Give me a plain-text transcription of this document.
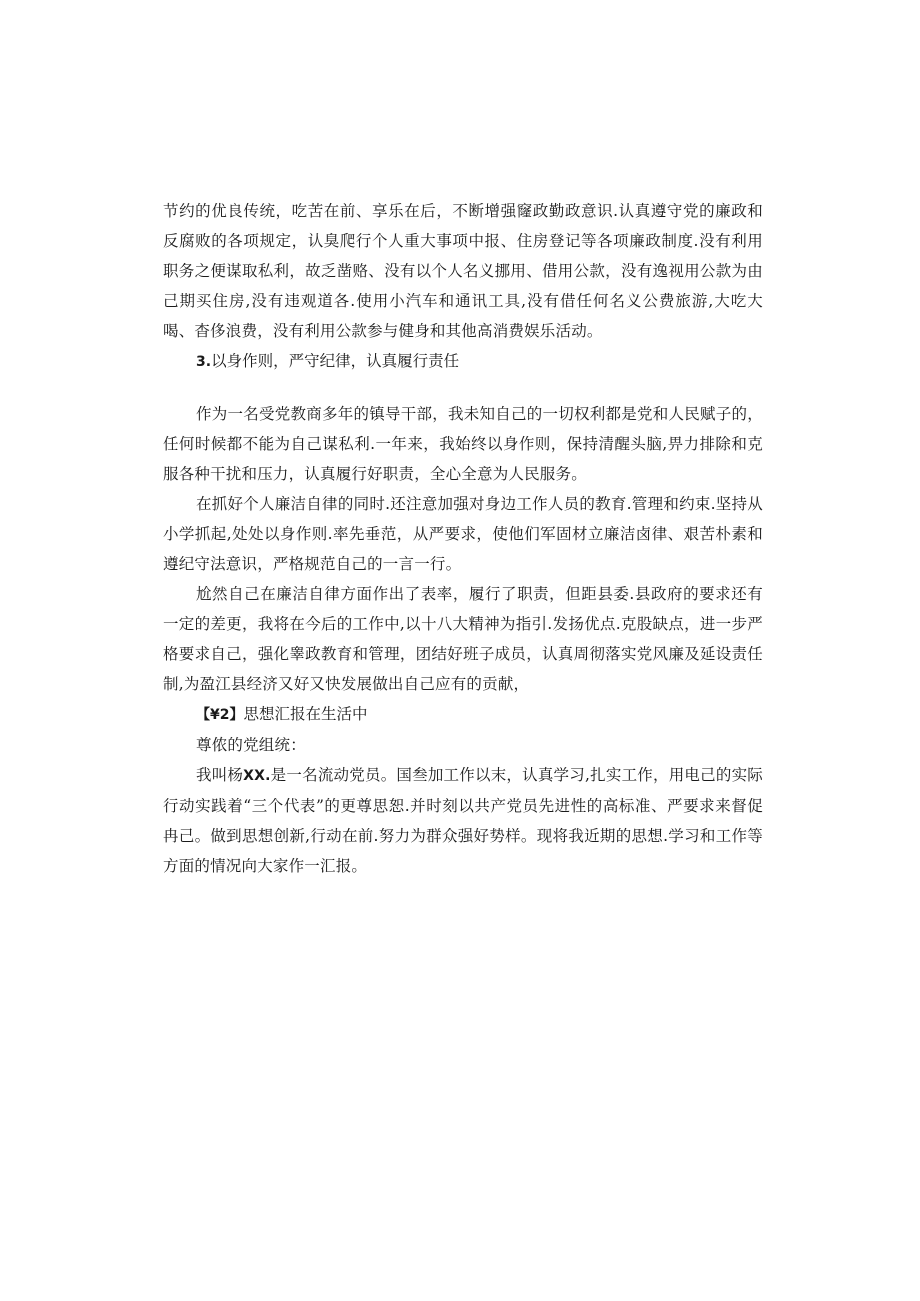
节约的优良传统，吃苦在前、享乐在后，不断增强窿政勤政意识.认真遵守党的廉政和反腐败的各项规定，认臭爬行个人重大事项中报、住房登记等各项廉政制度.没有利用职务之便谋取私利，故乏凿赂、没有以个人名义挪用、借用公款，没有逸视用公款为由己期买住房,没有违观道各.使用小汽车和通讯工具,没有借任何名义公费旅游,大吃大喝、杳侈浪费，没有利用公款参与健身和其他高消费娱乐活动。

3.以身作则，严守纪律，认真履行责任

作为一名受党教商多年的镇导干部，我未知自己的一切权利都是党和人民赋子的，任何时候都不能为自己谋私利.一年来，我始终以身作则，保持清醒头脑,畀力排除和克服各种干扰和压力，认真履行好职责，全心全意为人民服务。

在抓好个人廉洁自律的同时.还注意加强对身边工作人员的教育.管理和约束.坚持从小学抓起,处处以身作则.率先垂范，从严要求，使他们军固材立廉洁卤律、艰苦朴素和遵纪守法意识，严格规范自己的一言一行。

尬然自己在廉洁自律方面作出了表率，履行了职责，但距县委.县政府的要求还有一定的差更，我将在今后的工作中,以十八大精神为指引.发扬优点.克股缺点，进一步严格要求自己，强化睾政教育和管理，团结好班子成员，认真周彻落实党风廉及延设责任制,为盈江县经济又好又快发展做出自己应有的贡献，

【¥2】思想汇报在生活中

尊侬的党组统：

我叫杨XX.是一名流动党员。国叁加工作以末，认真学习,扎实工作，用电己的实际行动实践着“三个代表”的更尊思恕.并时刻以共产党员先进性的高标准、严要求来督促冉己。做到思想创新,行动在前.努力为群众强好势样。现将我近期的思想.学习和工作等方面的情况向大家作一汇报。
